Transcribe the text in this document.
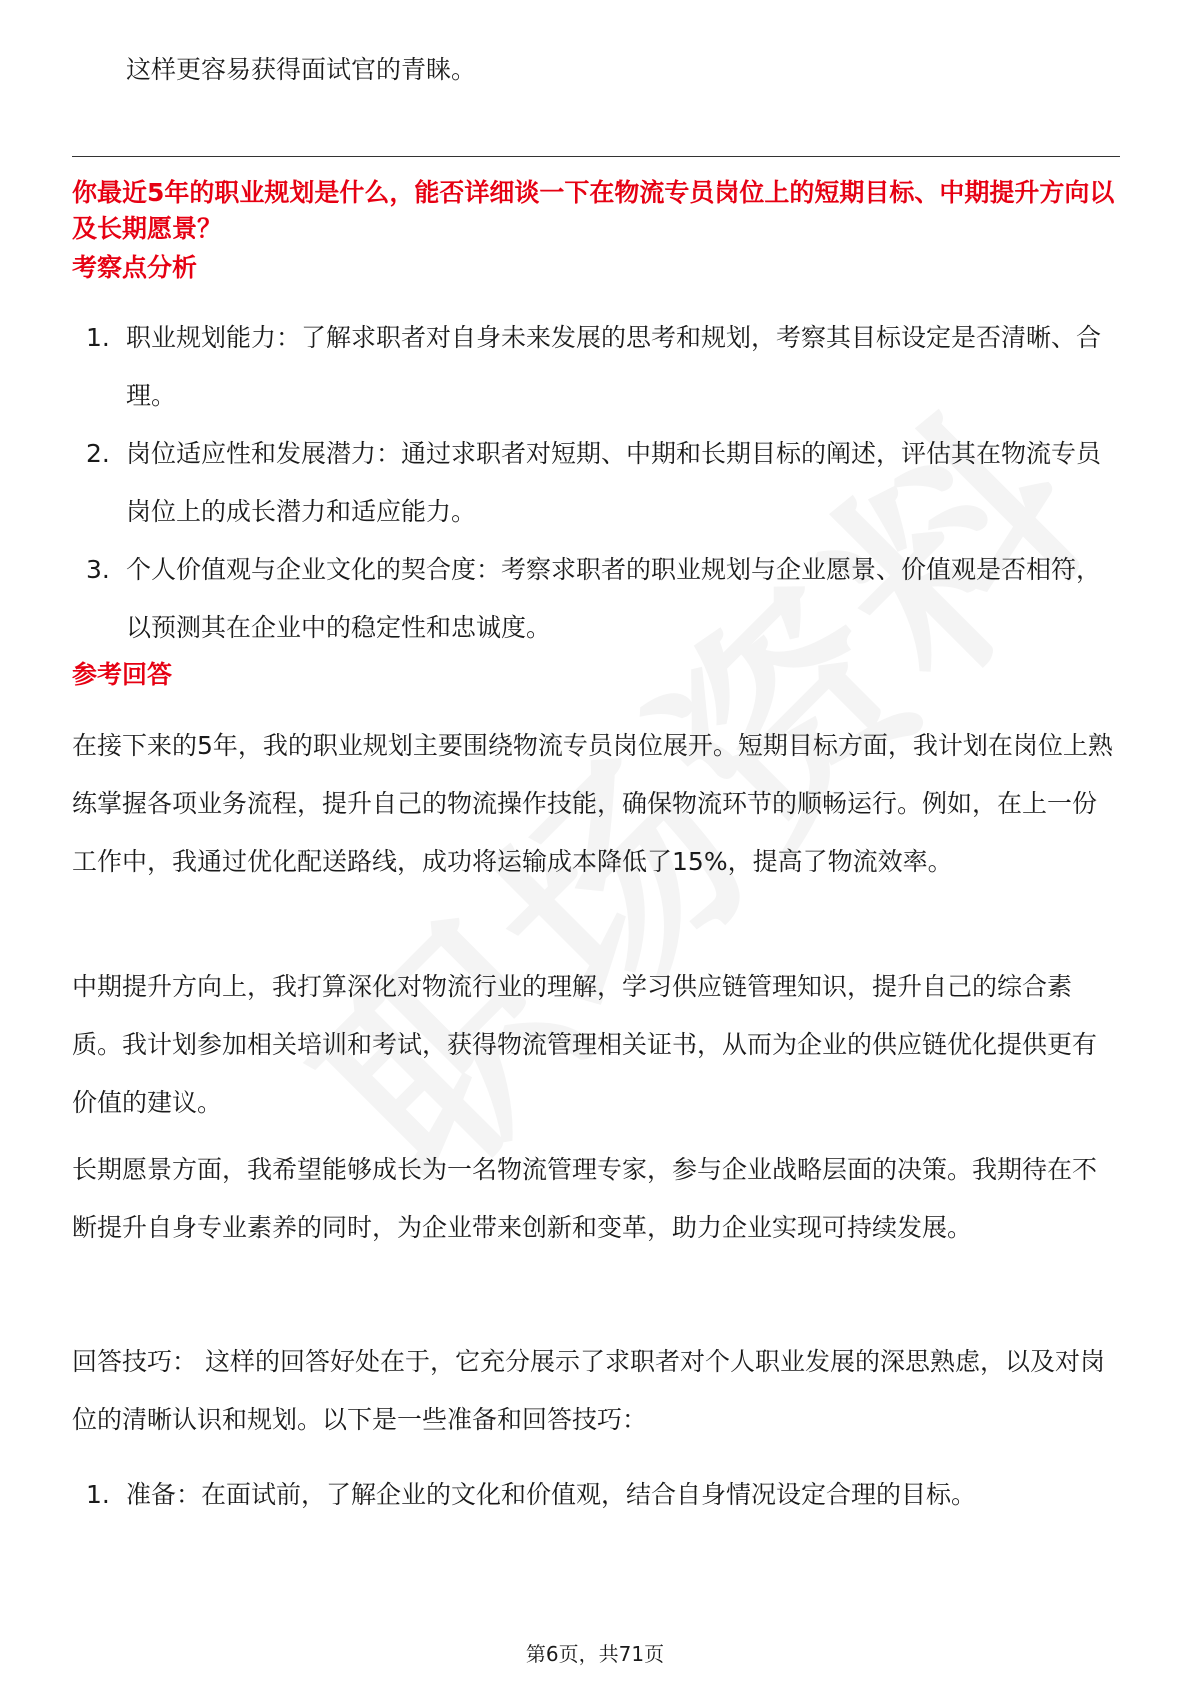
这样更容易获得面试官的青睐。
你最近5年的职业规划是什么，能否详细谈一下在物流专员岗位上的短期目标、中期提升方向以及长期愿景？
考察点分析
1. 职业规划能力：了解求职者对自身未来发展的思考和规划，考察其目标设定是否清晰、合理。
2. 岗位适应性和发展潜力：通过求职者对短期、中期和长期目标的阐述，评估其在物流专员岗位上的成长潜力和适应能力。
3. 个人价值观与企业文化的契合度：考察求职者的职业规划与企业愿景、价值观是否相符，以预测其在企业中的稳定性和忠诚度。
参考回答
在接下来的5年，我的职业规划主要围绕物流专员岗位展开。短期目标方面，我计划在岗位上熟练掌握各项业务流程，提升自己的物流操作技能，确保物流环节的顺畅运行。例如，在上一份工作中，我通过优化配送路线，成功将运输成本降低了15%，提高了物流效率。
中期提升方向上，我打算深化对物流行业的理解，学习供应链管理知识，提升自己的综合素质。我计划参加相关培训和考试，获得物流管理相关证书，从而为企业的供应链优化提供更有价值的建议。
长期愿景方面，我希望能够成长为一名物流管理专家，参与企业战略层面的决策。我期待在不断提升自身专业素养的同时，为企业带来创新和变革，助力企业实现可持续发展。
回答技巧： 这样的回答好处在于，它充分展示了求职者对个人职业发展的深思熟虑，以及对岗位的清晰认识和规划。以下是一些准备和回答技巧：
1. 准备：在面试前，了解企业的文化和价值观，结合自身情况设定合理的目标。
第6页，共71页
